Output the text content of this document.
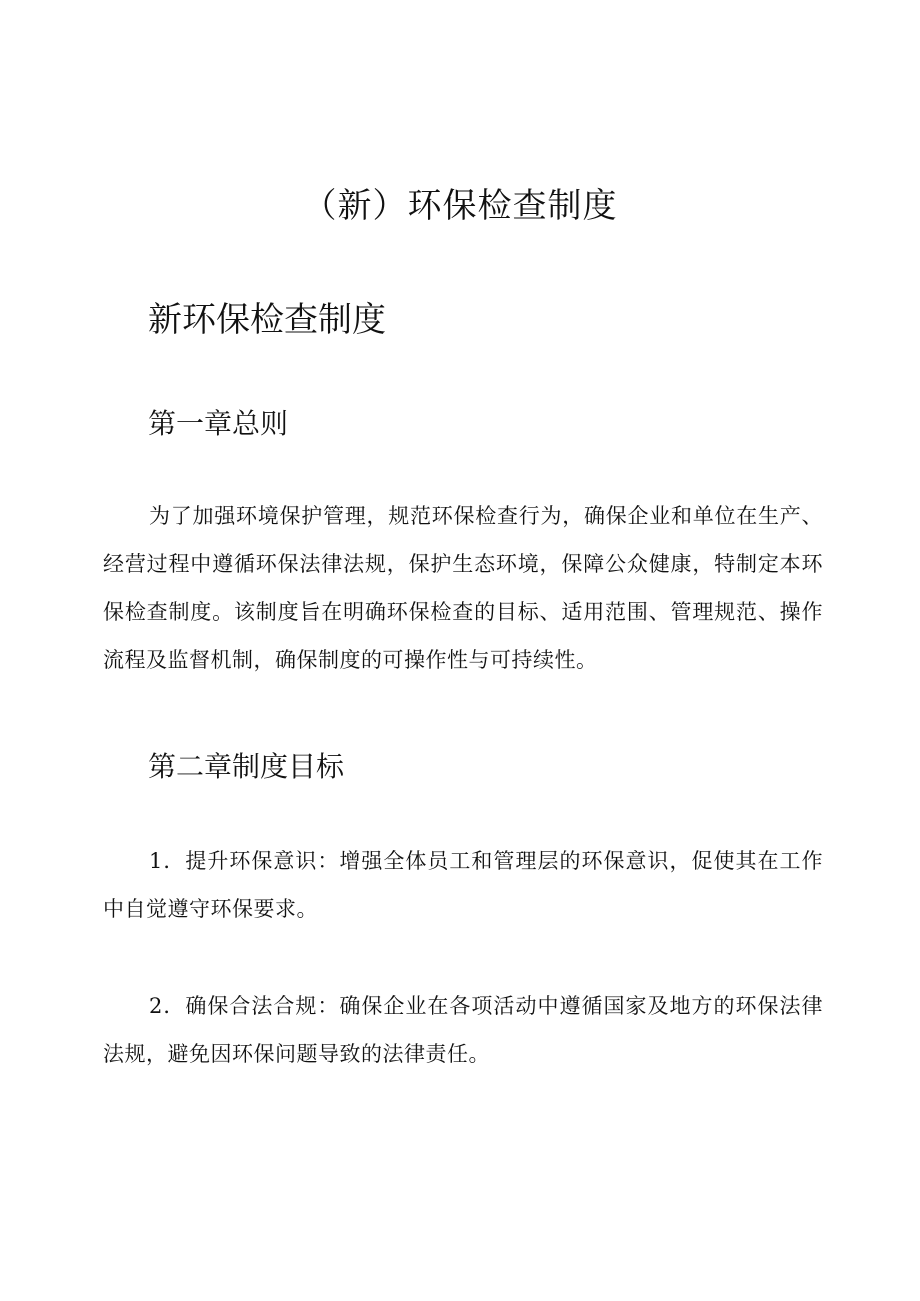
（新）环保检查制度
新环保检查制度
第一章总则
为了加强环境保护管理，规范环保检查行为，确保企业和单位在生产、经营过程中遵循环保法律法规，保护生态环境，保障公众健康，特制定本环保检查制度。该制度旨在明确环保检查的目标、适用范围、管理规范、操作流程及监督机制，确保制度的可操作性与可持续性。
第二章制度目标
1．提升环保意识：增强全体员工和管理层的环保意识，促使其在工作中自觉遵守环保要求。
2．确保合法合规：确保企业在各项活动中遵循国家及地方的环保法律法规，避免因环保问题导致的法律责任。
